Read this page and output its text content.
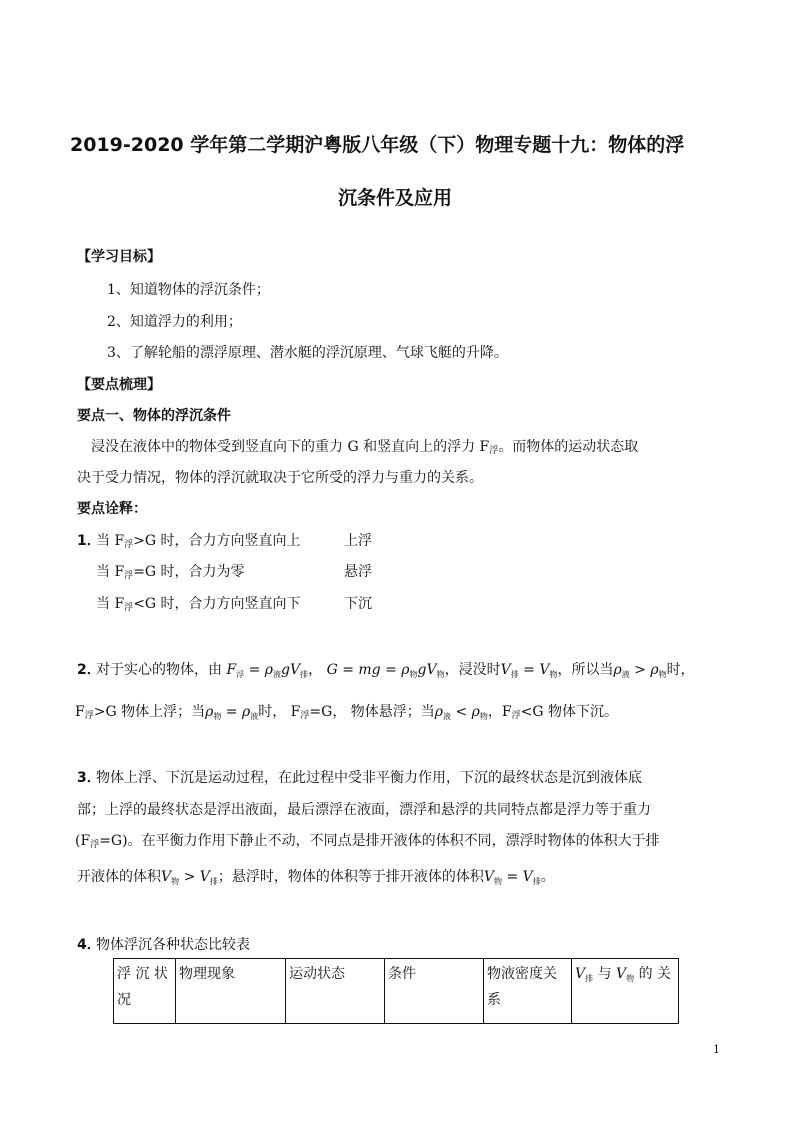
2019-2020 学年第二学期沪粤版八年级（下）物理专题十九：物体的浮
沉条件及应用
【学习目标】
1、知道物体的浮沉条件；
2、知道浮力的利用；
3、了解轮船的漂浮原理、潜水艇的浮沉原理、气球飞艇的升降。
【要点梳理】
要点一、物体的浮沉条件
浸没在液体中的物体受到竖直向下的重力 G 和竖直向上的浮力 $F_浮$。而物体的运动状态取
决于受力情况，物体的浮沉就取决于它所受的浮力与重力的关系。
要点诠释：
1．
当 $F_浮>G$ 时，合力方向竖直向上	上浮
当 $F_浮=G$ 时，合力为零	悬浮
当 $F_浮<G$ 时，合力方向竖直向下	下沉
2．
对于实心的物体，由 $F_浮 = \rho_液gV_排$， G = mg = $\rho_物gV_物$，浸没时$V_排 = V_物$，所以当$\rho_液 > \rho_物$时，
$F_浮>G$ 物体上浮；当$\rho_物 = \rho_液$时， $F_浮=G$， 物体悬浮；当$\rho_液 < \rho_物$，$F_浮<G$ 物体下沉。
3．
物体上浮、下沉是运动过程，在此过程中受非平衡力作用，下沉的最终状态是沉到液体底
部；上浮的最终状态是浮出液面，最后漂浮在液面，漂浮和悬浮的共同特点都是浮力等于重力
$(F_浮=G)$。在平衡力作用下静止不动，不同点是排开液体的体积不同，漂浮时物体的体积大于排
开液体的体积$V_物 > V_排$；悬浮时，物体的体积等于排开液体的体积$V_物 = V_排$。
4．
物体浮沉各种状态比较表
浮 沉 状 况	物理现象	运动状态	条件	物液密度关系	$V_排$ 与 $V_物$ 的 关
1
